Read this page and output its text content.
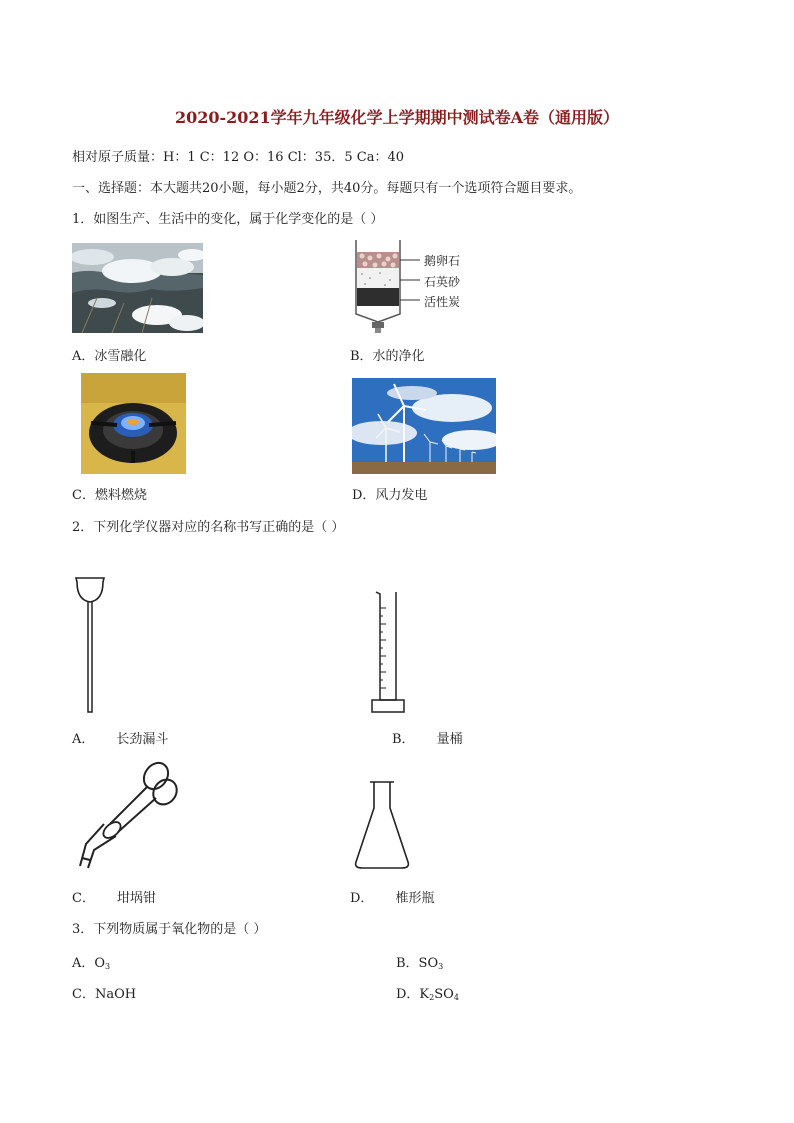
2020-2021学年九年级化学上学期期中测试卷A卷（通用版）
相对原子质量：H：1 C：12 O：16 Cl：35．5 Ca：40
一、选择题：本大题共20小题，每小题2分，共40分。每题只有一个选项符合题目要求。
1．如图生产、生活中的变化，属于化学变化的是（ ）
鹅卵石
石英砂
活性炭
A．冰雪融化	B．水的净化
C．燃料燃烧	D．风力发电
2．下列化学仪器对应的名称书写正确的是（ ）
A． 长劲漏斗	B． 量桶
C． 坩埚钳	D． 椎形瓶
3．下列物质属于氧化物的是（ ）
A．$O_3$	B．$SO_3$
C．NaOH	D．$K_2SO_4$
